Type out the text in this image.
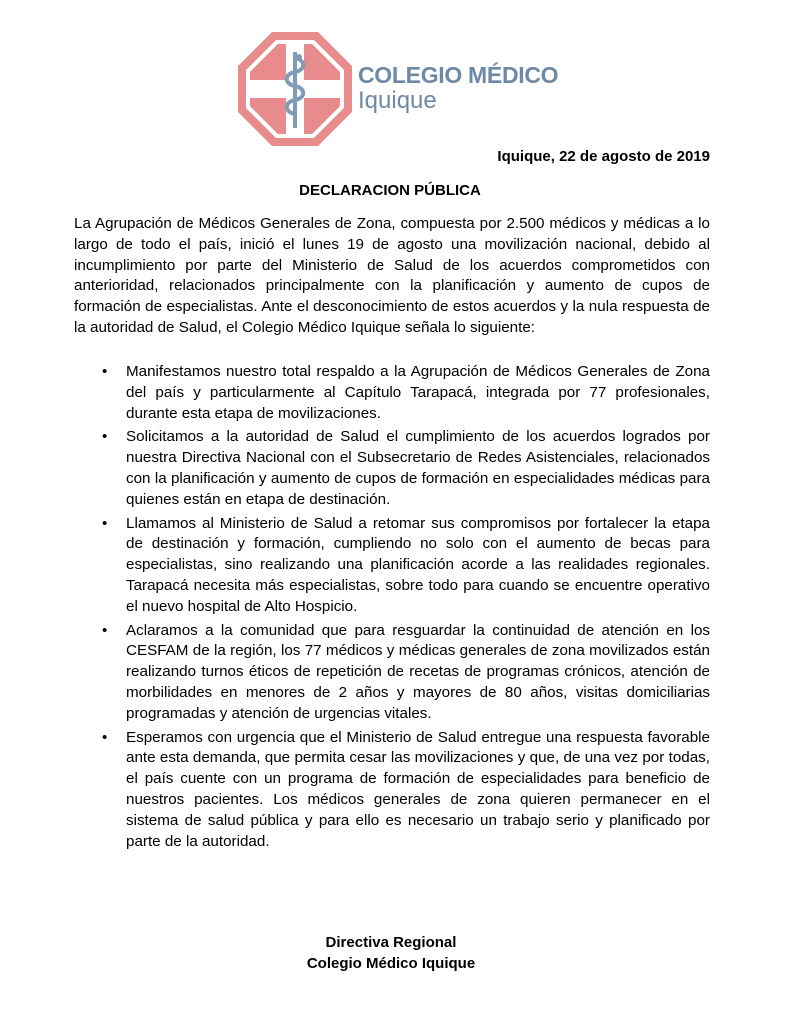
COLEGIO MÉDICO
Iquique
Iquique, 22 de agosto de 2019
DECLARACION PÚBLICA

La Agrupación de Médicos Generales de Zona, compuesta por 2.500 médicos y médicas a lo largo de todo el país, inició el lunes 19 de agosto una movilización nacional, debido al incumplimiento por parte del Ministerio de Salud de los acuerdos comprometidos con anterioridad, relacionados principalmente con la planificación y aumento de cupos de formación de especialistas. Ante el desconocimiento de estos acuerdos y la nula respuesta de la autoridad de Salud, el Colegio Médico Iquique señala lo siguiente:

• Manifestamos nuestro total respaldo a la Agrupación de Médicos Generales de Zona del país y particularmente al Capítulo Tarapacá, integrada por 77 profesionales, durante esta etapa de movilizaciones.
• Solicitamos a la autoridad de Salud el cumplimiento de los acuerdos logrados por nuestra Directiva Nacional con el Subsecretario de Redes Asistenciales, relacionados con la planificación y aumento de cupos de formación en especialidades médicas para quienes están en etapa de destinación.
• Llamamos al Ministerio de Salud a retomar sus compromisos por fortalecer la etapa de destinación y formación, cumpliendo no solo con el aumento de becas para especialistas, sino realizando una planificación acorde a las realidades regionales. Tarapacá necesita más especialistas, sobre todo para cuando se encuentre operativo el nuevo hospital de Alto Hospicio.
• Aclaramos a la comunidad que para resguardar la continuidad de atención en los CESFAM de la región, los 77 médicos y médicas generales de zona movilizados están realizando turnos éticos de repetición de recetas de programas crónicos, atención de morbilidades en menores de 2 años y mayores de 80 años, visitas domiciliarias programadas y atención de urgencias vitales.
• Esperamos con urgencia que el Ministerio de Salud entregue una respuesta favorable ante esta demanda, que permita cesar las movilizaciones y que, de una vez por todas, el país cuente con un programa de formación de especialidades para beneficio de nuestros pacientes. Los médicos generales de zona quieren permanecer en el sistema de salud pública y para ello es necesario un trabajo serio y planificado por parte de la autoridad.
Directiva Regional
Colegio Médico Iquique
